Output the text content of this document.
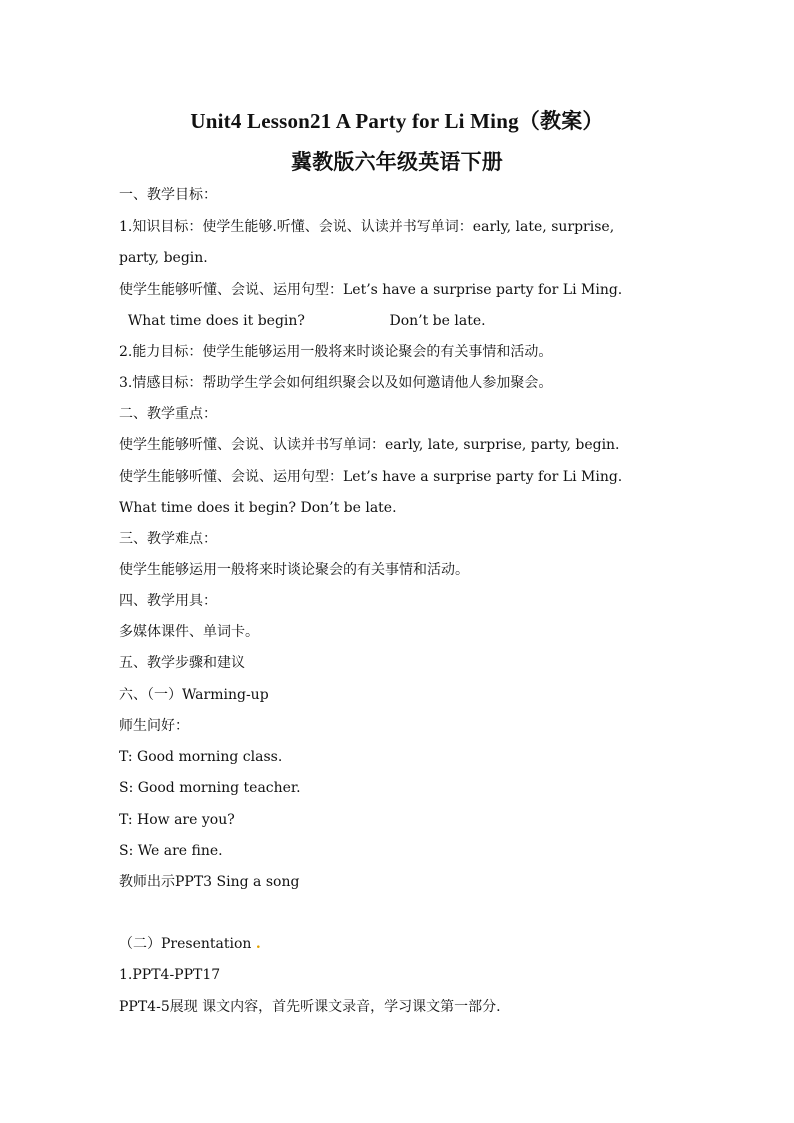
Unit4 Lesson21 A Party for Li Ming（教案）
冀教版六年级英语下册
一、教学目标：
1.知识目标：使学生能够.听懂、会说、认读并书写单词：early, late, surprise,
party, begin.
使学生能够听懂、会说、运用句型：Let’s have a surprise party for Li Ming.
What time does it begin?                   Don’t be late.
2.能力目标：使学生能够运用一般将来时谈论聚会的有关事情和活动。
3.情感目标：帮助学生学会如何组织聚会以及如何邀请他人参加聚会。
二、教学重点：
使学生能够听懂、会说、认读并书写单词：early, late, surprise, party, begin.
使学生能够听懂、会说、运用句型：Let’s have a surprise party for Li Ming.
What time does it begin? Don’t be late.
三、教学难点：
使学生能够运用一般将来时谈论聚会的有关事情和活动。
四、教学用具：
多媒体课件、单词卡。
五、教学步骤和建议
六、（一）Warming-up
师生问好：
T: Good morning class.
S: Good morning teacher.
T: How are you?
S: We are fine.
教师出示PPT3 Sing a song
（二）Presentation .
1.PPT4-PPT17
PPT4-5展现 课文内容，首先听课文录音，学习课文第一部分.
